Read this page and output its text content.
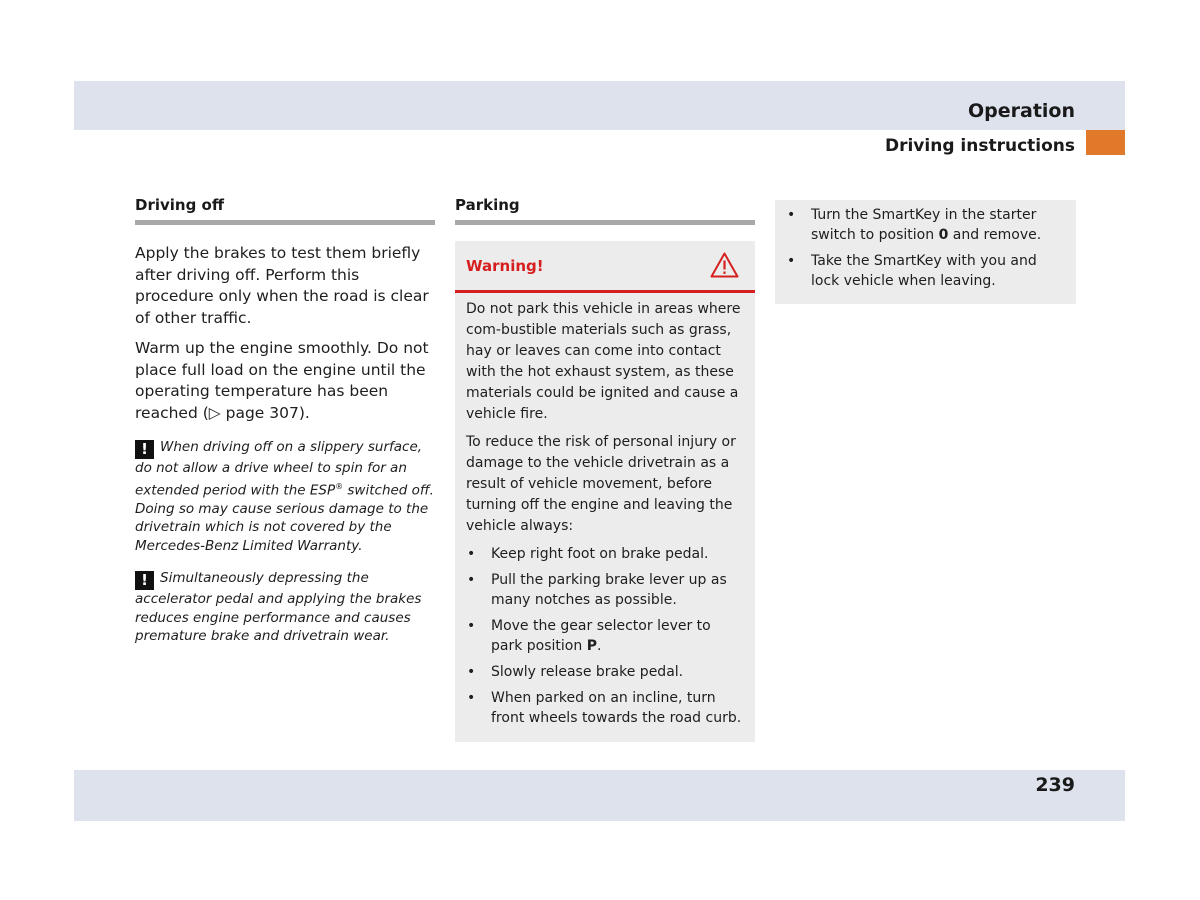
Operation
Driving instructions
Driving off

Apply the brakes to test them briefly after driving off. Perform this procedure only when the road is clear of other traffic.

Warm up the engine smoothly. Do not place full load on the engine until the operating temperature has been reached (▷ page 307).

! When driving off on a slippery surface, do not allow a drive wheel to spin for an extended period with the ESP® switched off. Doing so may cause serious damage to the drivetrain which is not covered by the Mercedes-Benz Limited Warranty.

! Simultaneously depressing the accelerator pedal and applying the brakes reduces engine performance and causes premature brake and drivetrain wear.

Parking
Warning!

Do not park this vehicle in areas where com-bustible materials such as grass, hay or leaves can come into contact with the hot exhaust system, as these materials could be ignited and cause a vehicle fire.

To reduce the risk of personal injury or damage to the vehicle drivetrain as a result of vehicle movement, before turning off the engine and leaving the vehicle always:

• Keep right foot on brake pedal.
• Pull the parking brake lever up as many notches as possible.
• Move the gear selector lever to park position P.
• Slowly release brake pedal.
• When parked on an incline, turn front wheels towards the road curb.
• Turn the SmartKey in the starter switch to position 0 and remove.
• Take the SmartKey with you and lock vehicle when leaving.
239
